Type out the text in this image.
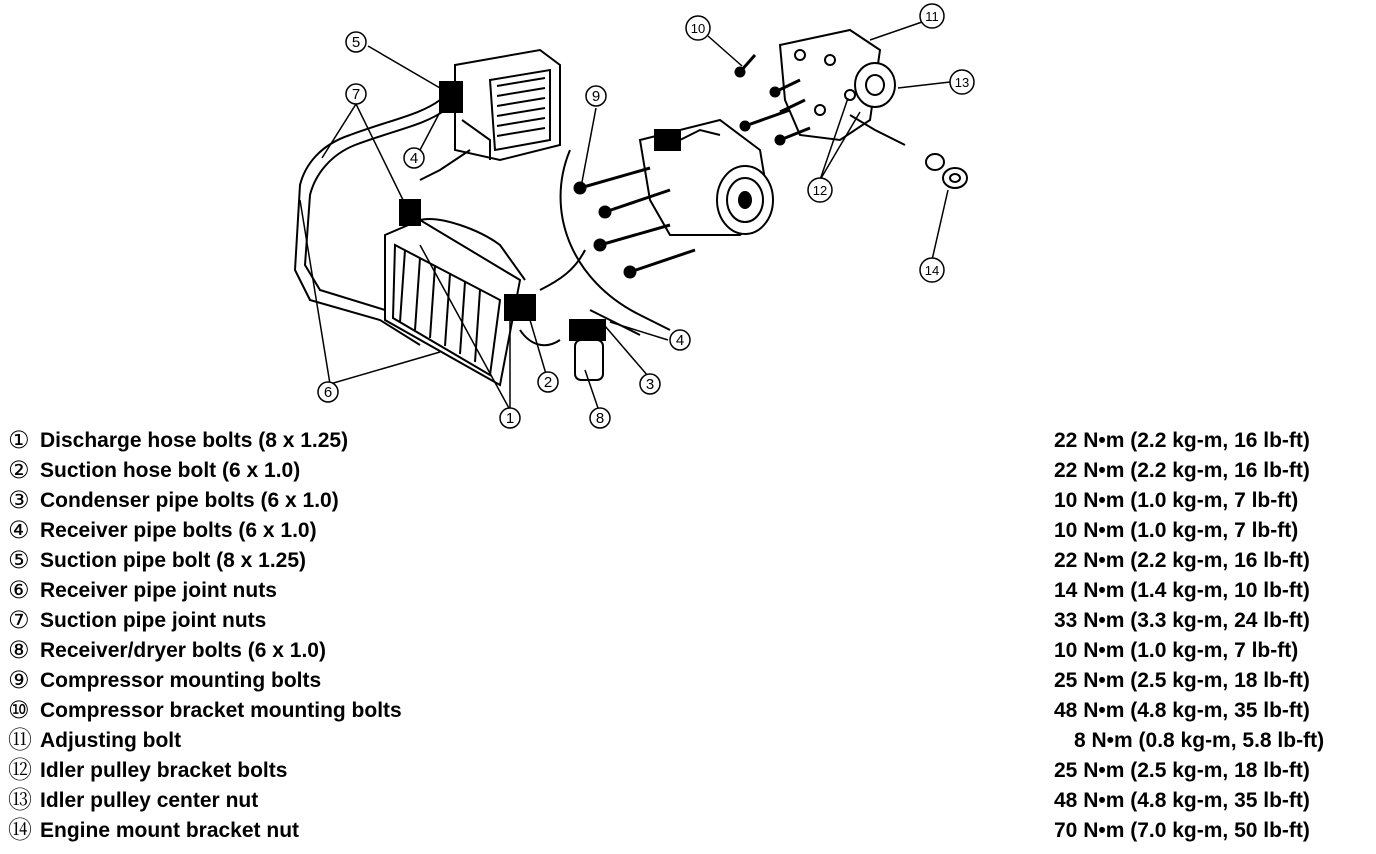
5
7
4
6
1
2	3
4
8
9
10
11
13
12
14
① Discharge hose bolts (8 x 1.25)	22 N•m (2.2 kg-m, 16 lb-ft)
② Suction hose bolt (6 x 1.0)	22 N•m (2.2 kg-m, 16 lb-ft)
③ Condenser pipe bolts (6 x 1.0)	10 N•m (1.0 kg-m, 7 lb-ft)
④ Receiver pipe bolts (6 x 1.0)	10 N•m (1.0 kg-m, 7 lb-ft)
⑤ Suction pipe bolt (8 x 1.25)	22 N•m (2.2 kg-m, 16 lb-ft)
⑥ Receiver pipe joint nuts	14 N•m (1.4 kg-m, 10 lb-ft)
⑦ Suction pipe joint nuts	33 N•m (3.3 kg-m, 24 lb-ft)
⑧ Receiver/dryer bolts (6 x 1.0)	10 N•m (1.0 kg-m, 7 lb-ft)
⑨ Compressor mounting bolts	25 N•m (2.5 kg-m, 18 lb-ft)
⑩ Compressor bracket mounting bolts	48 N•m (4.8 kg-m, 35 lb-ft)
⑪ Adjusting bolt	8 N•m (0.8 kg-m, 5.8 lb-ft)
⑫ Idler pulley bracket bolts	25 N•m (2.5 kg-m, 18 lb-ft)
⑬ Idler pulley center nut	48 N•m (4.8 kg-m, 35 lb-ft)
⑭ Engine mount bracket nut	70 N•m (7.0 kg-m, 50 lb-ft)
